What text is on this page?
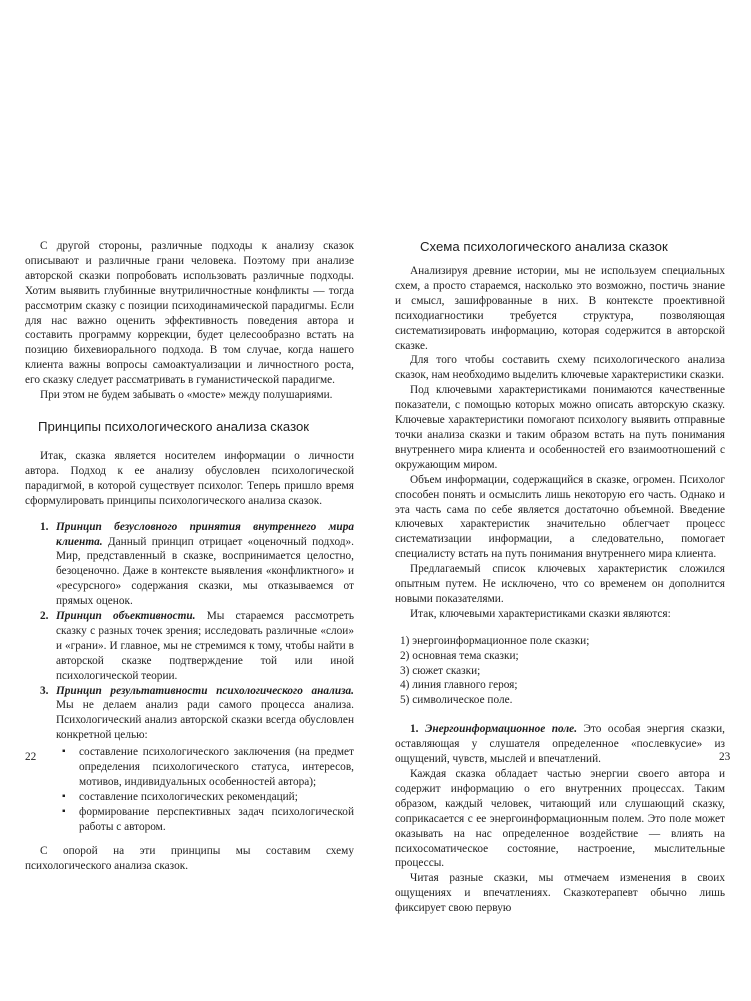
С другой стороны, различные подходы к анализу сказок описывают и различные грани человека. Поэтому при анализе авторской сказки попробовать использовать различные подходы. Хотим выявить глубинные внутриличностные конфликты — тогда рассмотрим сказку с позиции психодинамической парадигмы. Если для нас важно оценить эффективность поведения автора и составить программу коррекции, будет целесообразно встать на позицию бихевиорального подхода. В том случае, когда нашего клиента важны вопросы самоактуализации и личностного роста, его сказку следует рассматривать в гуманистической парадигме.

При этом не будем забывать о «мосте» между полушариями.

Принципы психологического анализа сказок

Итак, сказка является носителем информации о личности автора. Подход к ее анализу обусловлен психологической парадигмой, в которой существует психолог. Теперь пришло время сформулировать принципы психологического анализа сказок.

1. Принцип безусловного принятия внутреннего мира клиента. Данный принцип отрицает «оценочный подход». Мир, представленный в сказке, воспринимается целостно, безоценочно. Даже в контексте выявления «конфликтного» и «ресурсного» содержания сказки, мы отказываемся от прямых оценок.
2. Принцип объективности. Мы стараемся рассмотреть сказку с разных точек зрения; исследовать различные «слои» и «грани». И главное, мы не стремимся к тому, чтобы найти в авторской сказке подтверждение той или иной психологической теории.
3. Принцип результативности психологического анализа. Мы не делаем анализ ради самого процесса анализа. Психологический анализ авторской сказки всегда обусловлен конкретной целью:
▪ составление психологического заключения (на предмет определения психологического статуса, интересов, мотивов, индивидуальных особенностей автора);
▪ составление психологических рекомендаций;
▪ формирование перспективных задач психологической работы с автором.

С опорой на эти принципы мы составим схему психологического анализа сказок.

22
Схема психологического анализа сказок

Анализируя древние истории, мы не используем специальных схем, а просто стараемся, насколько это возможно, постичь знание и смысл, зашифрованные в них. В контексте проективной психодиагностики требуется структура, позволяющая систематизировать информацию, которая содержится в авторской сказке.

Для того чтобы составить схему психологического анализа сказок, нам необходимо выделить ключевые характеристики сказки.

Под ключевыми характеристиками понимаются качественные показатели, с помощью которых можно описать авторскую сказку. Ключевые характеристики помогают психологу выявить отправные точки анализа сказки и таким образом встать на путь понимания внутреннего мира клиента и особенностей его взаимоотношений с окружающим миром.

Объем информации, содержащийся в сказке, огромен. Психолог способен понять и осмыслить лишь некоторую его часть. Однако и эта часть сама по себе является достаточно объемной. Введение ключевых характеристик значительно облегчает процесс систематизации информации, а следовательно, помогает специалисту встать на путь понимания внутреннего мира клиента.

Предлагаемый список ключевых характеристик сложился опытным путем. Не исключено, что со временем он дополнится новыми показателями.

Итак, ключевыми характеристиками сказки являются:

1) энергоинформационное поле сказки;
2) основная тема сказки;
3) сюжет сказки;
4) линия главного героя;
5) символическое поле.

1. Энергоинформационное поле. Это особая энергия сказки, оставляющая у слушателя определенное «послевкусие» из ощущений, чувств, мыслей и впечатлений.

Каждая сказка обладает частью энергии своего автора и содержит информацию о его внутренних процессах. Таким образом, каждый человек, читающий или слушающий сказку, соприкасается с ее энергоинформационным полем. Это поле может оказывать на нас определенное воздействие — влиять на психосоматическое состояние, настроение, мыслительные процессы.

Читая разные сказки, мы отмечаем изменения в своих ощущениях и впечатлениях. Сказкотерапевт обычно лишь фиксирует свою первую

23
